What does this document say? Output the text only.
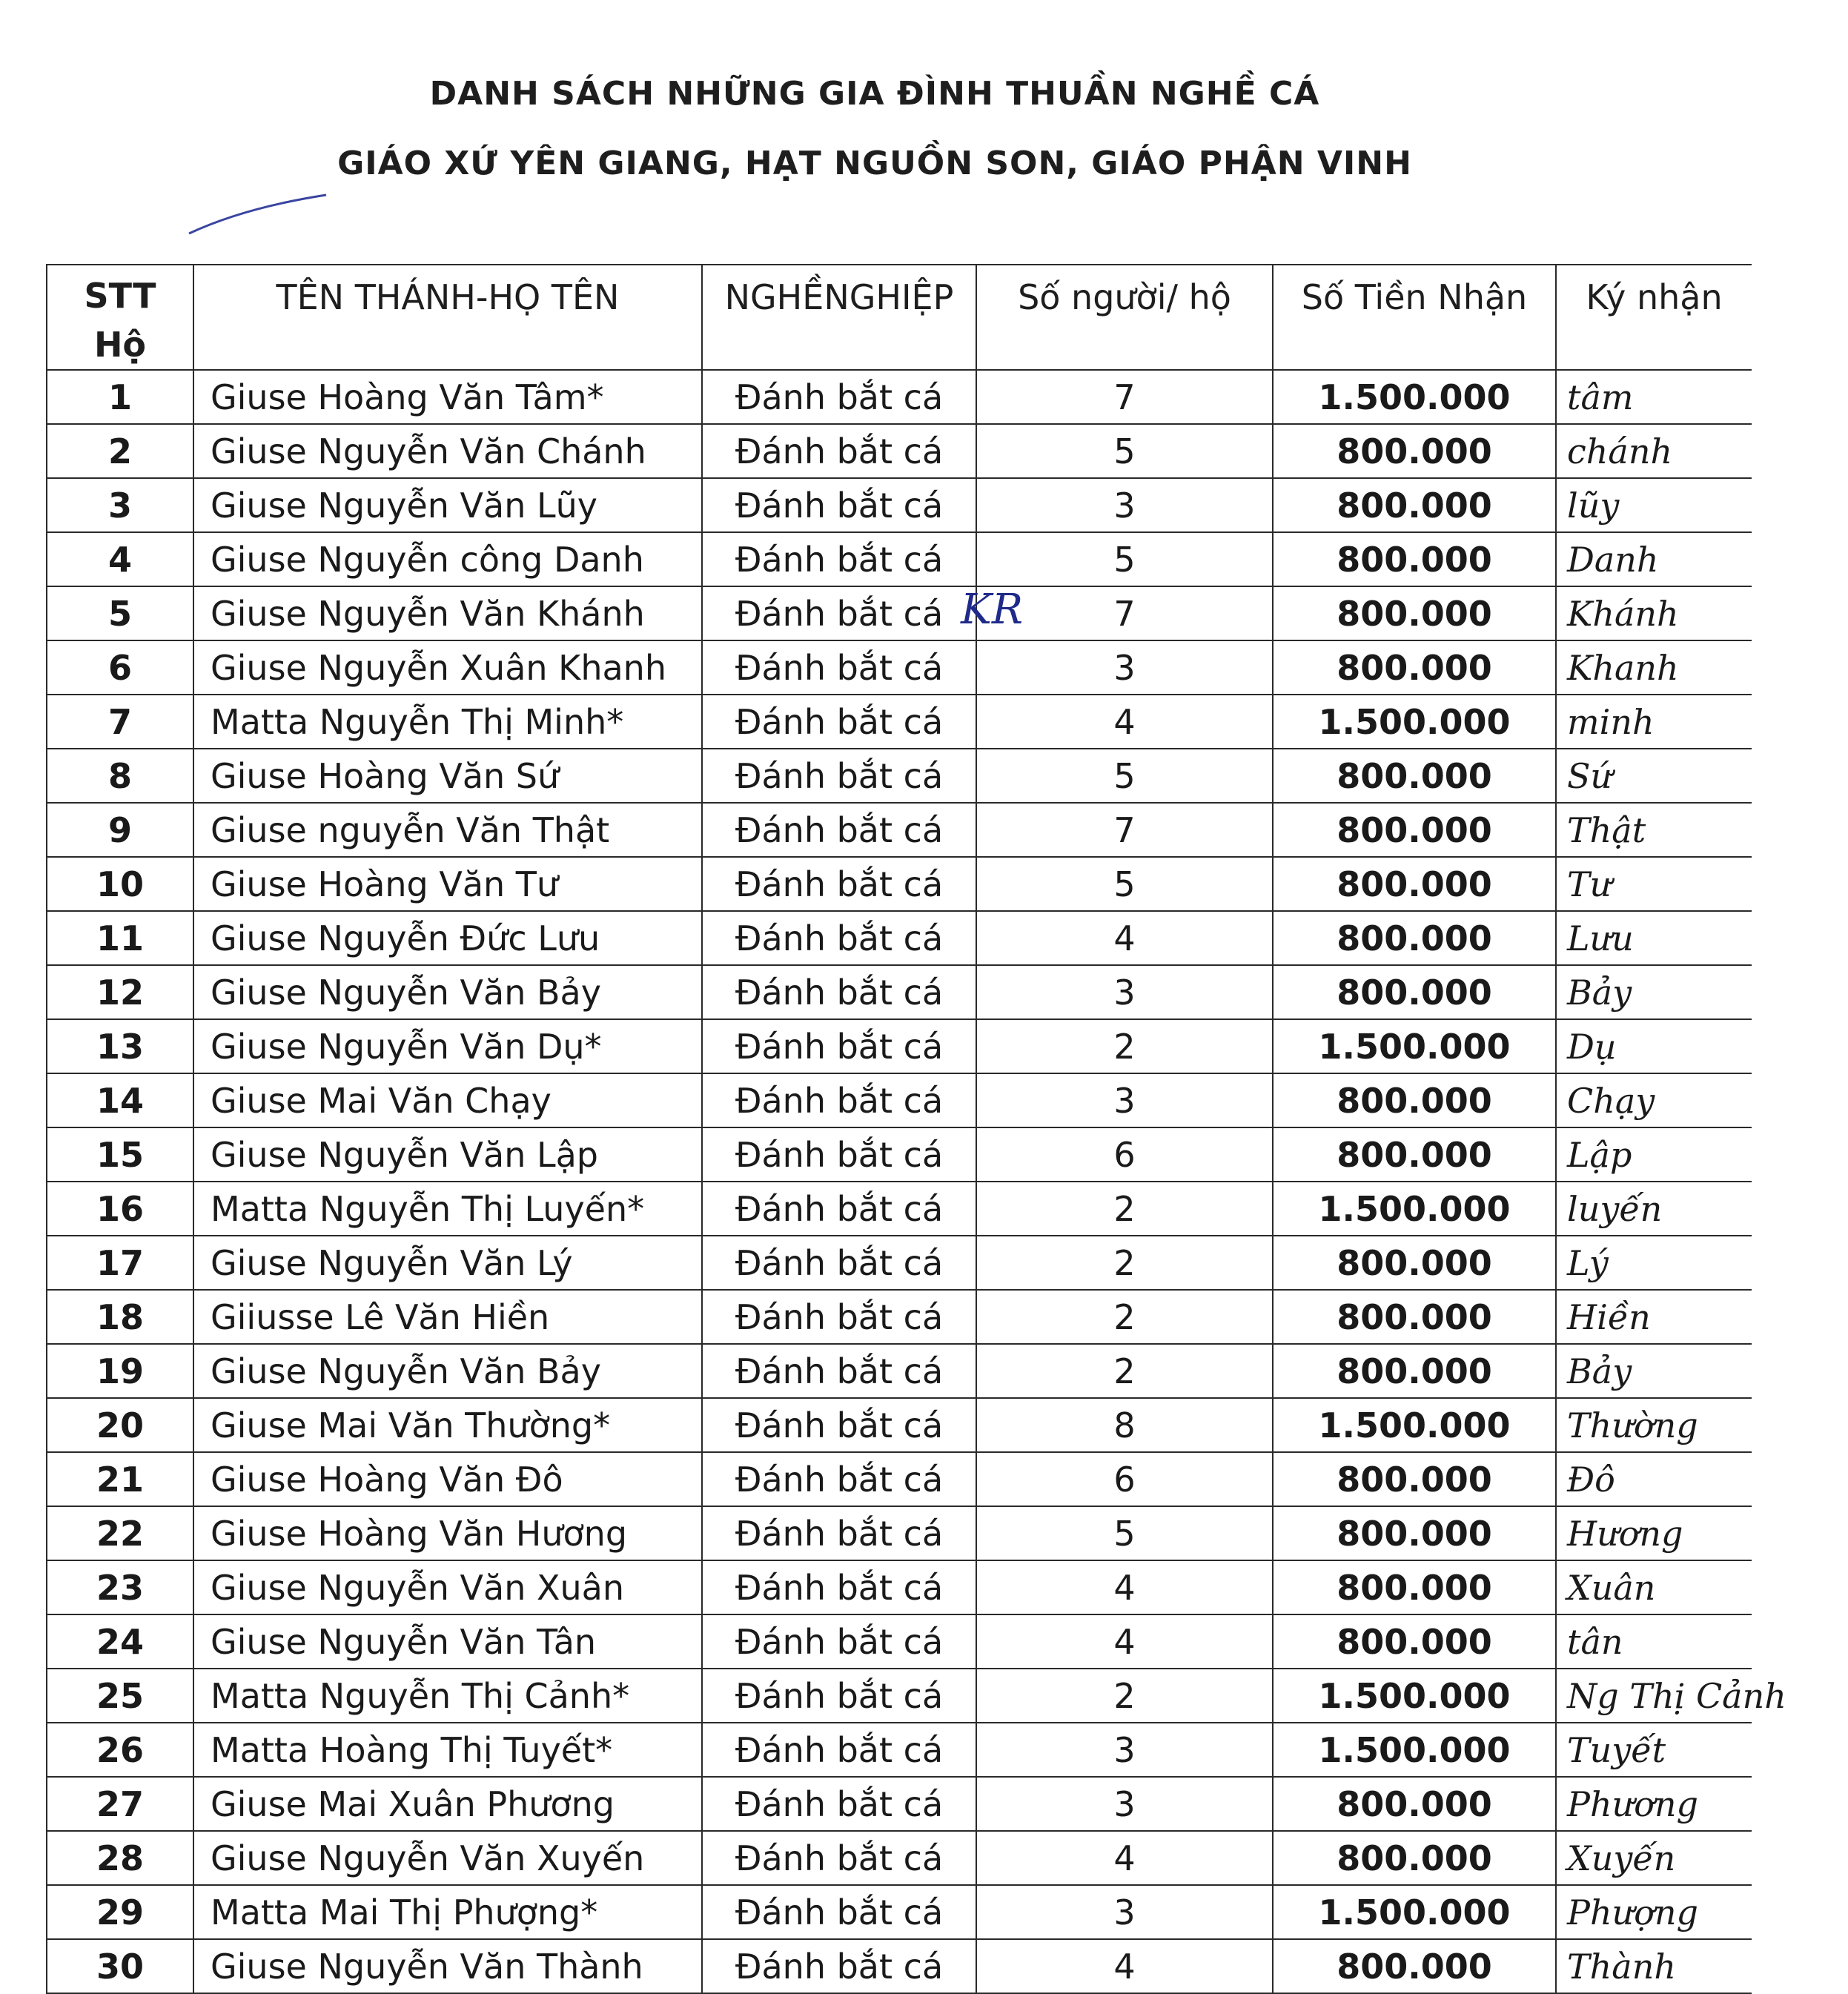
DANH SÁCH NHỮNG GIA ĐÌNH THUẦN NGHỀ CÁ
GIÁO XỨ YÊN GIANG, HẠT NGUỒN SON, GIÁO PHẬN VINH
STT
Hộ	TÊN THÁNH-HỌ TÊN	NGHỀNGHIỆP	Số người/ hộ	Số Tiền Nhận	Ký nhận
1	Giuse Hoàng Văn Tâm*	Đánh bắt cá	7	1.500.000	tâm
2	Giuse Nguyễn Văn Chánh	Đánh bắt cá	5	800.000	chánh
3	Giuse Nguyễn Văn Lũy	Đánh bắt cá	3	800.000	lũy
4	Giuse Nguyễn công Danh	Đánh bắt cá	5	800.000	Danh
5	Giuse Nguyễn Văn Khánh	Đánh bắt cá	7	800.000	Khánh
6	Giuse Nguyễn Xuân Khanh	Đánh bắt cá	3	800.000	Khanh
7	Matta Nguyễn Thị Minh*	Đánh bắt cá	4	1.500.000	minh
8	Giuse Hoàng Văn Sứ	Đánh bắt cá	5	800.000	Sứ
9	Giuse nguyễn Văn Thật	Đánh bắt cá	7	800.000	Thật
10	Giuse Hoàng Văn Tư	Đánh bắt cá	5	800.000	Tư
11	Giuse Nguyễn Đức Lưu	Đánh bắt cá	4	800.000	Lưu
12	Giuse Nguyễn Văn Bảy	Đánh bắt cá	3	800.000	Bảy
13	Giuse Nguyễn Văn Dụ*	Đánh bắt cá	2	1.500.000	Dụ
14	Giuse Mai Văn Chạy	Đánh bắt cá	3	800.000	Chạy
15	Giuse Nguyễn Văn Lập	Đánh bắt cá	6	800.000	Lập
16	Matta Nguyễn Thị Luyến*	Đánh bắt cá	2	1.500.000	luyến
17	Giuse Nguyễn Văn Lý	Đánh bắt cá	2	800.000	Lý
18	Giiusse Lê Văn Hiền	Đánh bắt cá	2	800.000	Hiền
19	Giuse Nguyễn Văn Bảy	Đánh bắt cá	2	800.000	Bảy
20	Giuse Mai Văn Thường*	Đánh bắt cá	8	1.500.000	Thường
21	Giuse Hoàng Văn Đô	Đánh bắt cá	6	800.000	Đô
22	Giuse Hoàng Văn Hương	Đánh bắt cá	5	800.000	Hương
23	Giuse Nguyễn Văn Xuân	Đánh bắt cá	4	800.000	Xuân
24	Giuse Nguyễn Văn Tân	Đánh bắt cá	4	800.000	tân
25	Matta Nguyễn Thị Cảnh*	Đánh bắt cá	2	1.500.000	Ng Thị Cảnh
26	Matta Hoàng Thị Tuyết*	Đánh bắt cá	3	1.500.000	Tuyết
27	Giuse Mai Xuân Phương	Đánh bắt cá	3	800.000	Phương
28	Giuse Nguyễn Văn Xuyến	Đánh bắt cá	4	800.000	Xuyến
29	Matta Mai Thị Phượng*	Đánh bắt cá	3	1.500.000	Phượng
30	Giuse Nguyễn Văn Thành	Đánh bắt cá	4	800.000	Thành
KR
